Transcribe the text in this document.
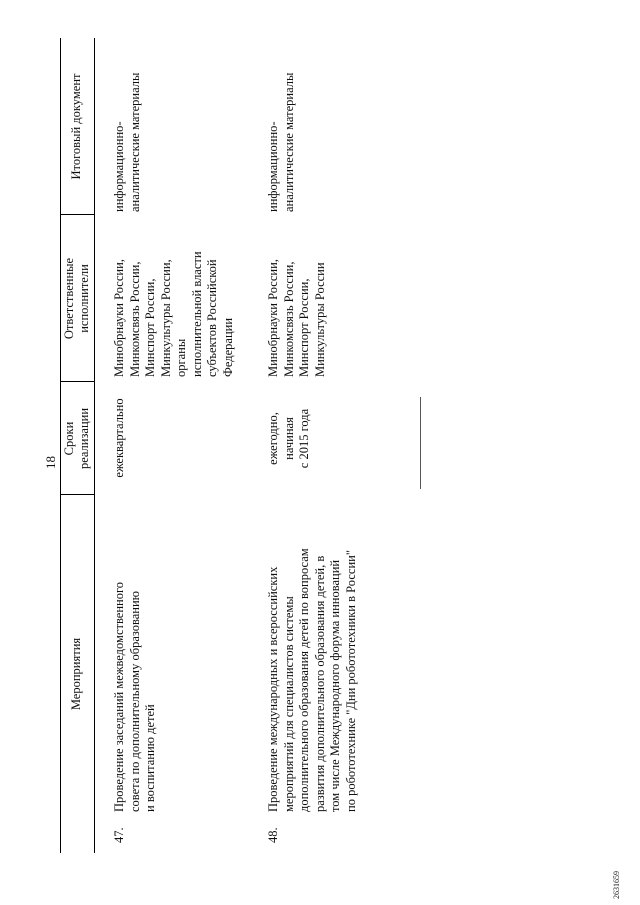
18
2631659
Мероприятия
Сроки реализации
Ответственные исполнители
Итоговый документ
47.
Проведение заседаний межведомственного совета по дополнительному образованию и воспитанию детей
ежеквартально
Минобрнауки России, Минкомсвязь России, Минспорт России, Минкультуры России, органы исполнительной власти субъектов Российской Федерации
информационно- аналитические материалы
48.
Проведение международных и всероссийских мероприятий для специалистов системы дополнительного образования детей по вопросам развития дополнительного образования детей, в том числе Международного форума инноваций по робототехнике "Дни робототехники в России"
ежегодно, начиная с 2015 года
Минобрнауки России, Минкомсвязь России, Минспорт России, Минкультуры России
информационно- аналитические материалы
